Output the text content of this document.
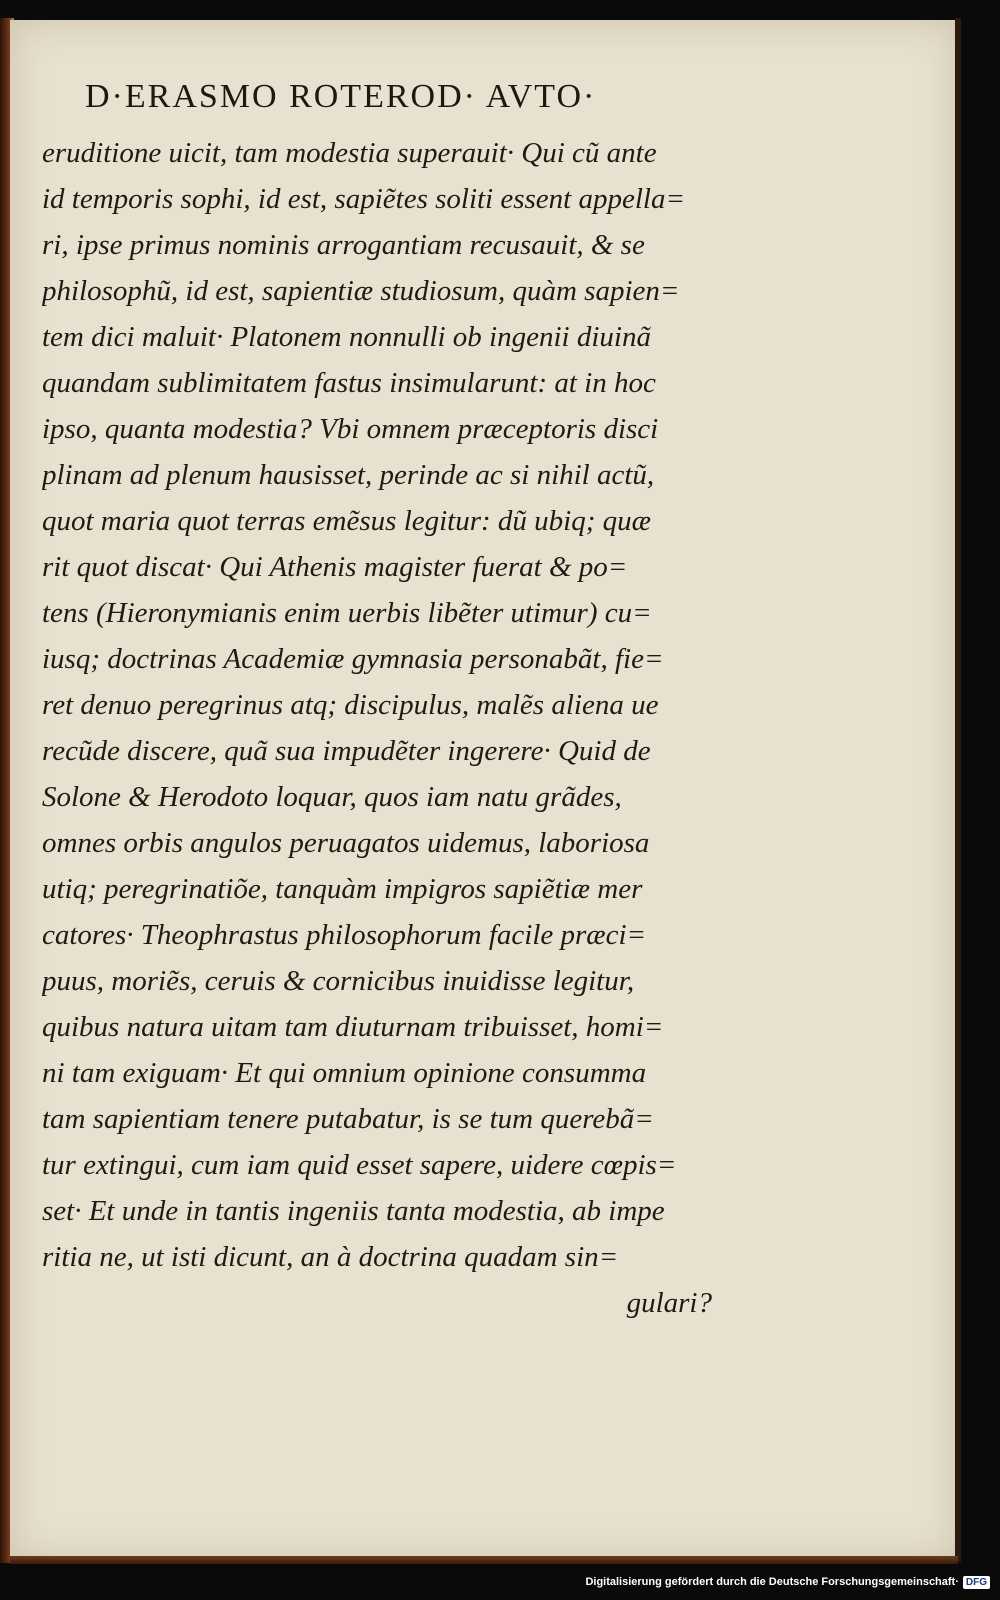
D·ERASMO ROTEROD· AVTO·
eruditione uicit, tam modestia superauit· Qui cũ ante
id temporis sophi, id est, sapiẽtes soliti essent appella=
ri, ipse primus nominis arrogantiam recusauit, & se
philosophũ, id est, sapientiæ studiosum, quàm sapien=
tem dici maluit· Platonem nonnulli ob ingenii diuinã
quandam sublimitatem fastus insimularunt: at in hoc
ipso, quanta modestia? Vbi omnem præceptoris disci
plinam ad plenum hausisset, perinde ac si nihil actũ,
quot maria quot terras emẽsus legitur: dũ ubiq; quæ
rit quot discat· Qui Athenis magister fuerat & po=
tens (Hieronymianis enim uerbis libẽter utimur) cu=
iusq; doctrinas Academiæ gymnasia personabãt, fie=
ret denuo peregrinus atq; discipulus, malẽs aliena ue
recũde discere, quã sua impudẽter ingerere· Quid de
Solone & Herodoto loquar, quos iam natu grãdes,
omnes orbis angulos peruagatos uidemus, laboriosa
utiq; peregrinatiõe, tanquàm impigros sapiẽtiæ mer
catores· Theophrastus philosophorum facile præci=
puus, moriẽs, ceruis & cornicibus inuidisse legitur,
quibus natura uitam tam diuturnam tribuisset, homi=
ni tam exiguam· Et qui omnium opinione consumma
tam sapientiam tenere putabatur, is se tum querebã=
tur extingui, cum iam quid esset sapere, uidere cœpis=
set· Et unde in tantis ingeniis tanta modestia, ab impe
ritia ne, ut isti dicunt, an à doctrina quadam sin=
gulari?
Digitalisierung gefördert durch die Deutsche Forschungsgemeinschaft· DFG
